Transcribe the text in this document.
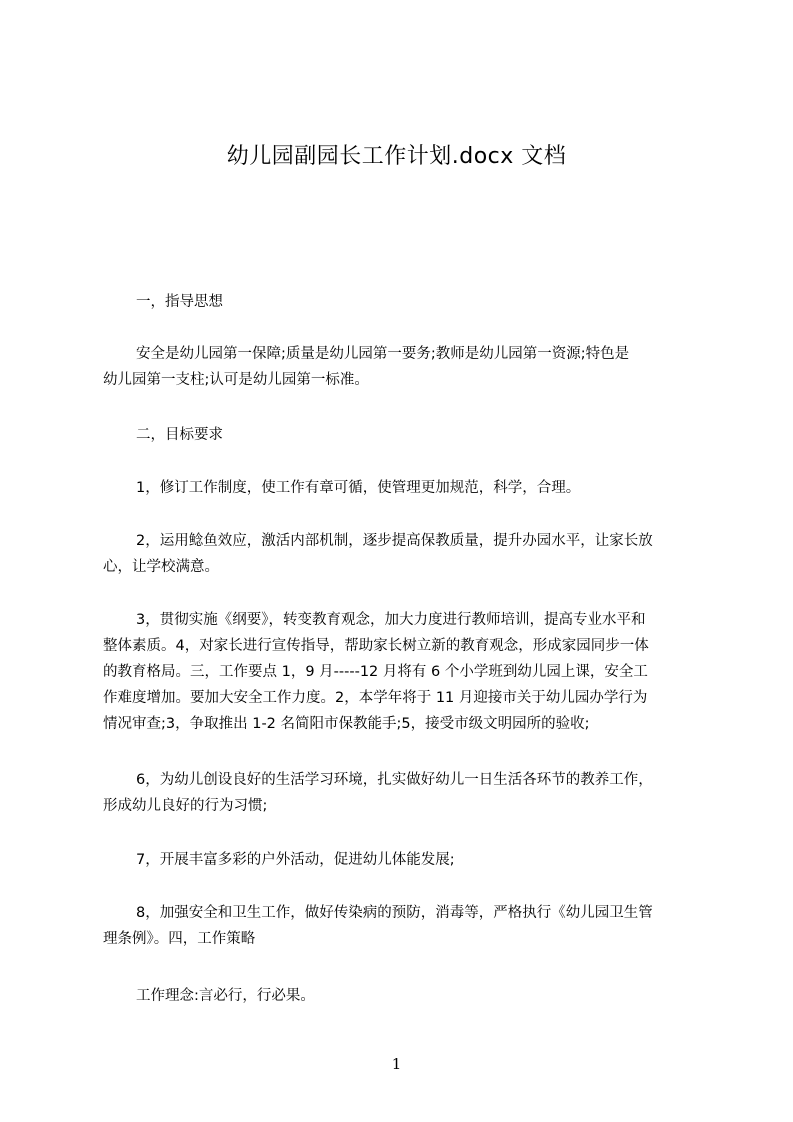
幼儿园副园长工作计划.docx 文档

一，指导思想

安全是幼儿园第一保障;质量是幼儿园第一要务;教师是幼儿园第一资源;特色是
幼儿园第一支柱;认可是幼儿园第一标准。

二，目标要求

1，修订工作制度，使工作有章可循，使管理更加规范，科学，合理。

2，运用鲶鱼效应，激活内部机制，逐步提高保教质量，提升办园水平，让家长放
心，让学校满意。

3，贯彻实施《纲要》，转变教育观念，加大力度进行教师培训，提高专业水平和
整体素质。4，对家长进行宣传指导，帮助家长树立新的教育观念，形成家园同步一体
的教育格局。三，工作要点 1，9 月-----12 月将有 6 个小学班到幼儿园上课，安全工
作难度增加。要加大安全工作力度。2，本学年将于 11 月迎接市关于幼儿园办学行为
情况审查;3，争取推出 1-2 名简阳市保教能手;5，接受市级文明园所的验收;

6，为幼儿创设良好的生活学习环境，扎实做好幼儿一日生活各环节的教养工作，
形成幼儿良好的行为习惯;

7，开展丰富多彩的户外活动，促进幼儿体能发展;

8，加强安全和卫生工作，做好传染病的预防，消毒等，严格执行《幼儿园卫生管
理条例》。四，工作策略

工作理念:言必行，行必果。

1
